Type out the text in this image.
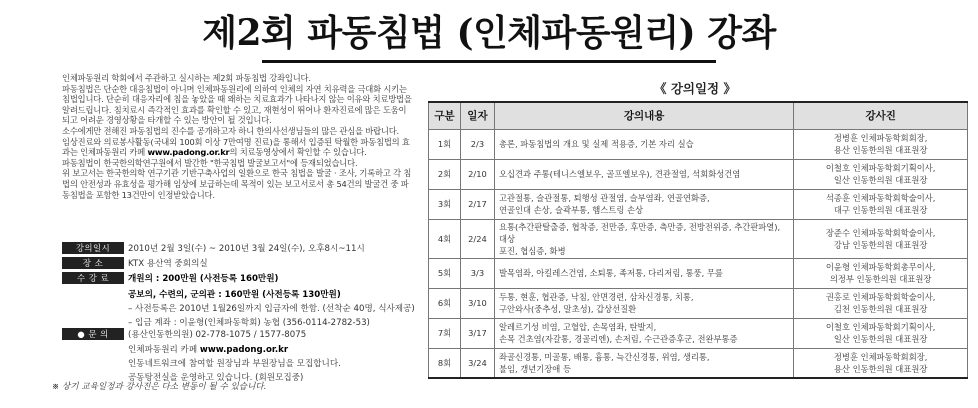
제2회 파동침법 (인체파동원리) 강좌

인체파동원리 학회에서 주관하고 실시하는 제2회 파동침법 강좌입니다.

파동침법은 단순한 대응침법이 아니며 인체파동원리에 의하여 인체의 자연 치유력을 극대화 시키는 침법입니다. 단순히 대응자리에 침을 놓았을 때 왜하는 치료효과가 나타나지 않는 이유와 치료방법을 알려드립니다. 침치료시 즉각적인 효과를 확인할 수 있고, 재현성이 뛰어나 환자진료에 많은 도움이 되고 어려운 경영상황을 타개할 수 있는 방안이 될 것입니다.

소수에게만 전해진 파동침법의 진수를 공개하고자 하니 한의사선생님들의 많은 관심을 바랍니다.

임상진료와 의료봉사활동(국내외 100회 이상 7만여명 진료)을 통해서 입증된 탁월한 파동침법의 효과는 인체파동원리 카페 www.padong.or.kr의 치료동영상에서 확인할 수 있습니다.

파동침법이 한국한의학연구원에서 발간한 "한국침법 발굴보고서"에 등재되었습니다.

위 보고서는 한국한의학 연구기관 기반구축사업의 일환으로 한국 침법을 발굴 · 조사, 기록하고 각 침법의 안전성과 유효성을 평가해 임상에 보급하는데 목적이 있는 보고서로서 총 54건의 발굴건 중 파동침법을 포함한 13건만이 인정받았습니다.

강의일시	2010년 2월 3일(수) ~ 2010년 3월 24일(수), 오후8시~11시
장 소	KTX 용산역 중회의실
수 강 료	개원의 : 200만원 (사전등록 160만원)
공보의, 수련의, 군의관 : 160만원 (사전등록 130만원)
– 사전등록은 2010년 1월26일까지 입금자에 한함. (선착순 40명, 식사제공)
– 입금 계좌 : 이윤형(인체파동학회) 농협 (356-0114-2782-53)
● 문 의	(용산인동한의원) 02-778-1075 / 1577-8075
인체파동원리 카페 www.padong.or.kr
인동네트워크에 참여할 원장님과 부원장님을 모집합니다.
공동탕전실을 운영하고 있습니다. (회원모집중)
※ 상기 교육일정과 강사진은 다소 변동이 될 수 있습니다.
《 강의일정 》
구분	일자	강의내용	강사진
1회	2/3	총론, 파동침법의 개요 및 실제 적용증, 기본 자리 실습	정병훈 인체파동학회회장,
용산 인동한의원 대표원장
2회	2/10	오십견과 주통(테니스엘보우, 골프엘보우), 견관절염, 석회화성건염	이철호 인체파동학회기획이사,
일산 인동한의원 대표원장
3회	2/17	고관절통, 슬관절통, 퇴행성 관절염, 슬부염좌, 연골연화증,
연골인대 손상, 슬곽부통, 햄스트링 손상	석종훈 인체파동학회학술이사,
대구 인동한의원 대표원장
4회	2/24	요통(추간판탈출증, 협착증, 전만증, 후만증, 측만증, 전방전위증, 추간판파열), 대상
포진, 협심증, 화병	장준수 인체파동학회학술이사,
강남 인동한의원 대표원장
5회	3/3	발목염좌, 아킬레스건염, 소퇴통, 족저통, 다리저림, 통풍, 무릎	이윤형 인체파동학회총무이사,
의정부 인동한의원 대표원장
6회	3/10	두통, 현훈, 협관증, 낙침, 안면경련, 삼차신경통, 치통,
구안와사(중추성, 말초성), 갑상선질환	권홍로 인체파동학회학술이사,
김천 인동한의원 대표원장
7회	3/17	알레르기성 비염, 고혈압, 손목염좌, 탄발지,
손목 건초염(자갈통, 경골리엔), 손저림, 수근관증후군, 전완부통증	이철호 인체파동학회기획이사,
일산 인동한의원 대표원장
8회	3/24	좌골신경통, 미골통, 배통, 흉통, 늑간신경통, 위염, 생리통,
불임, 갱년기장애 등	정병훈 인체파동학회회장,
용산 인동한의원 대표원장
